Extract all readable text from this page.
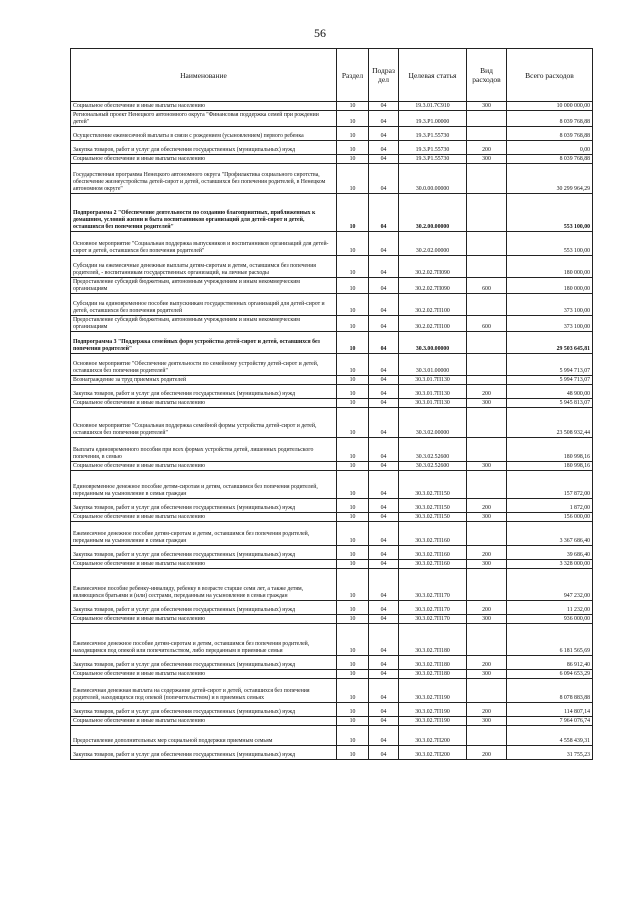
56
Наименование	Раздел	Подраз дел	Целевая статья	Вид расходов	Всего расходов
Социальное обеспечение и иные выплаты населению	10	04	19.3.01.7С910	300	10 000 000,00
Региональный проект Ненецкого автономного округа "Финансовая поддержка семей при рождении детей"	10	04	19.3.Р1.00000		8 039 768,88
Осуществление ежемесячной выплаты в связи с рождением (усыновлением) первого ребенка	10	04	19.3.Р1.55730		8 039 768,88
Закупка товаров, работ и услуг для обеспечения государственных (муниципальных) нужд	10	04	19.3.Р1.55730	200	0,00
Социальное обеспечение и иные выплаты населению	10	04	19.3.Р1.55730	300	8 039 768,88
Государственная программа Ненецкого автономного округа "Профилактика социального сиротства, обеспечение жизнеустройства детей-сирот и детей, оставшихся без попечения родителей, в Ненецком автономном округе"	10	04	30.0.00.00000		30 299 964,29
Подпрограмма 2 "Обеспечение деятельности по созданию благоприятных, приближенных к домашним, условий жизни и быта воспитанников организаций для детей-сирот и детей, оставшихся без попечения родителей"	10	04	30.2.00.00000		553 100,00
Основное мероприятие "Социальная поддержка выпускников и воспитанников организаций для детей-сирот и детей, оставшихся без попечения родителей"	10	04	30.2.02.00000		553 100,00
Субсидии на ежемесячные денежные выплаты детям-сиротам и детям, оставшимся без попечения родителей, - воспитанникам государственных организаций, на личные расходы	10	04	30.2.02.7П090		180 000,00
Предоставление субсидий бюджетным, автономным учреждениям и иным некоммерческим организациям	10	04	30.2.02.7П090	600	180 000,00
Субсидии на единовременное пособие выпускникам государственных организаций для детей-сирот и детей, оставшихся без попечения родителей	10	04	30.2.02.7П100		373 100,00
Предоставление субсидий бюджетным, автономным учреждениям и иным некоммерческим организациям	10	04	30.2.02.7П100	600	373 100,00
Подпрограмма 3 "Поддержка семейных форм устройства детей-сирот и детей, оставшихся без попечения родителей"	10	04	30.3.00.00000		29 503 645,81
Основное мероприятие "Обеспечение деятельности по семейному устройству детей-сирот и детей, оставшихся без попечения родителей"	10	04	30.3.01.00000		5 994 713,07
Вознаграждение за труд приемных родителей	10	04	30.3.01.7П130		5 994 713,07
Закупка товаров, работ и услуг для обеспечения государственных (муниципальных) нужд	10	04	30.3.01.7П130	200	48 900,00
Социальное обеспечение и иные выплаты населению	10	04	30.3.01.7П130	300	5 945 813,07
Основное мероприятие "Социальная поддержка семейной формы устройства детей-сирот и детей, оставшихся без попечения родителей"	10	04	30.3.02.00000		23 508 932,44
Выплата единовременного пособия при всех формах устройства детей, лишенных родительского попечения, в семью	10	04	30.3.02.52600		180 998,16
Социальное обеспечение и иные выплаты населению	10	04	30.3.02.52600	300	180 998,16
Единовременное денежное пособие детям-сиротам и детям, оставшимся без попечения родителей, переданным на усыновление в семьи граждан	10	04	30.3.02.7П150		157 872,00
Закупка товаров, работ и услуг для обеспечения государственных (муниципальных) нужд	10	04	30.3.02.7П150	200	1 872,00
Социальное обеспечение и иные выплаты населению	10	04	30.3.02.7П150	300	156 000,00
Ежемесячное денежное пособие детям-сиротам и детям, оставшимся без попечения родителей, переданным на усыновление в семьи граждан	10	04	30.3.02.7П160		3 367 686,40
Закупка товаров, работ и услуг для обеспечения государственных (муниципальных) нужд	10	04	30.3.02.7П160	200	39 686,40
Социальное обеспечение и иные выплаты населению	10	04	30.3.02.7П160	300	3 328 000,00
Ежемесячное пособие ребенку-инвалиду, ребенку в возрасте старше семи лет, а также детям, являющихся братьями и (или) сестрами, переданным на усыновление в семьи граждан	10	04	30.3.02.7П170		947 232,00
Закупка товаров, работ и услуг для обеспечения государственных (муниципальных) нужд	10	04	30.3.02.7П170	200	11 232,00
Социальное обеспечение и иные выплаты населению	10	04	30.3.02.7П170	300	936 000,00
Ежемесячное денежное пособие детям-сиротам и детям, оставшимся без попечения родителей, находящимся под опекой или попечительством, либо переданным в приемные семьи	10	04	30.3.02.7П180		6 181 565,69
Закупка товаров, работ и услуг для обеспечения государственных (муниципальных) нужд	10	04	30.3.02.7П180	200	86 912,40
Социальное обеспечение и иные выплаты населению	10	04	30.3.02.7П180	300	6 094 653,29
Ежемесячная денежная выплата на содержание детей-сирот и детей, оставшихся без попечения родителей, находящихся под опекой (попечительством) и в приемных семьях	10	04	30.3.02.7П190		8 078 883,88
Закупка товаров, работ и услуг для обеспечения государственных (муниципальных) нужд	10	04	30.3.02.7П190	200	114 807,14
Социальное обеспечение и иные выплаты населению	10	04	30.3.02.7П190	300	7 964 076,74
Предоставление дополнительных мер социальной поддержки приемным семьям	10	04	30.3.02.7П200		4 558 439,31
Закупка товаров, работ и услуг для обеспечения государственных (муниципальных) нужд	10	04	30.3.02.7П200	200	31 755,23
